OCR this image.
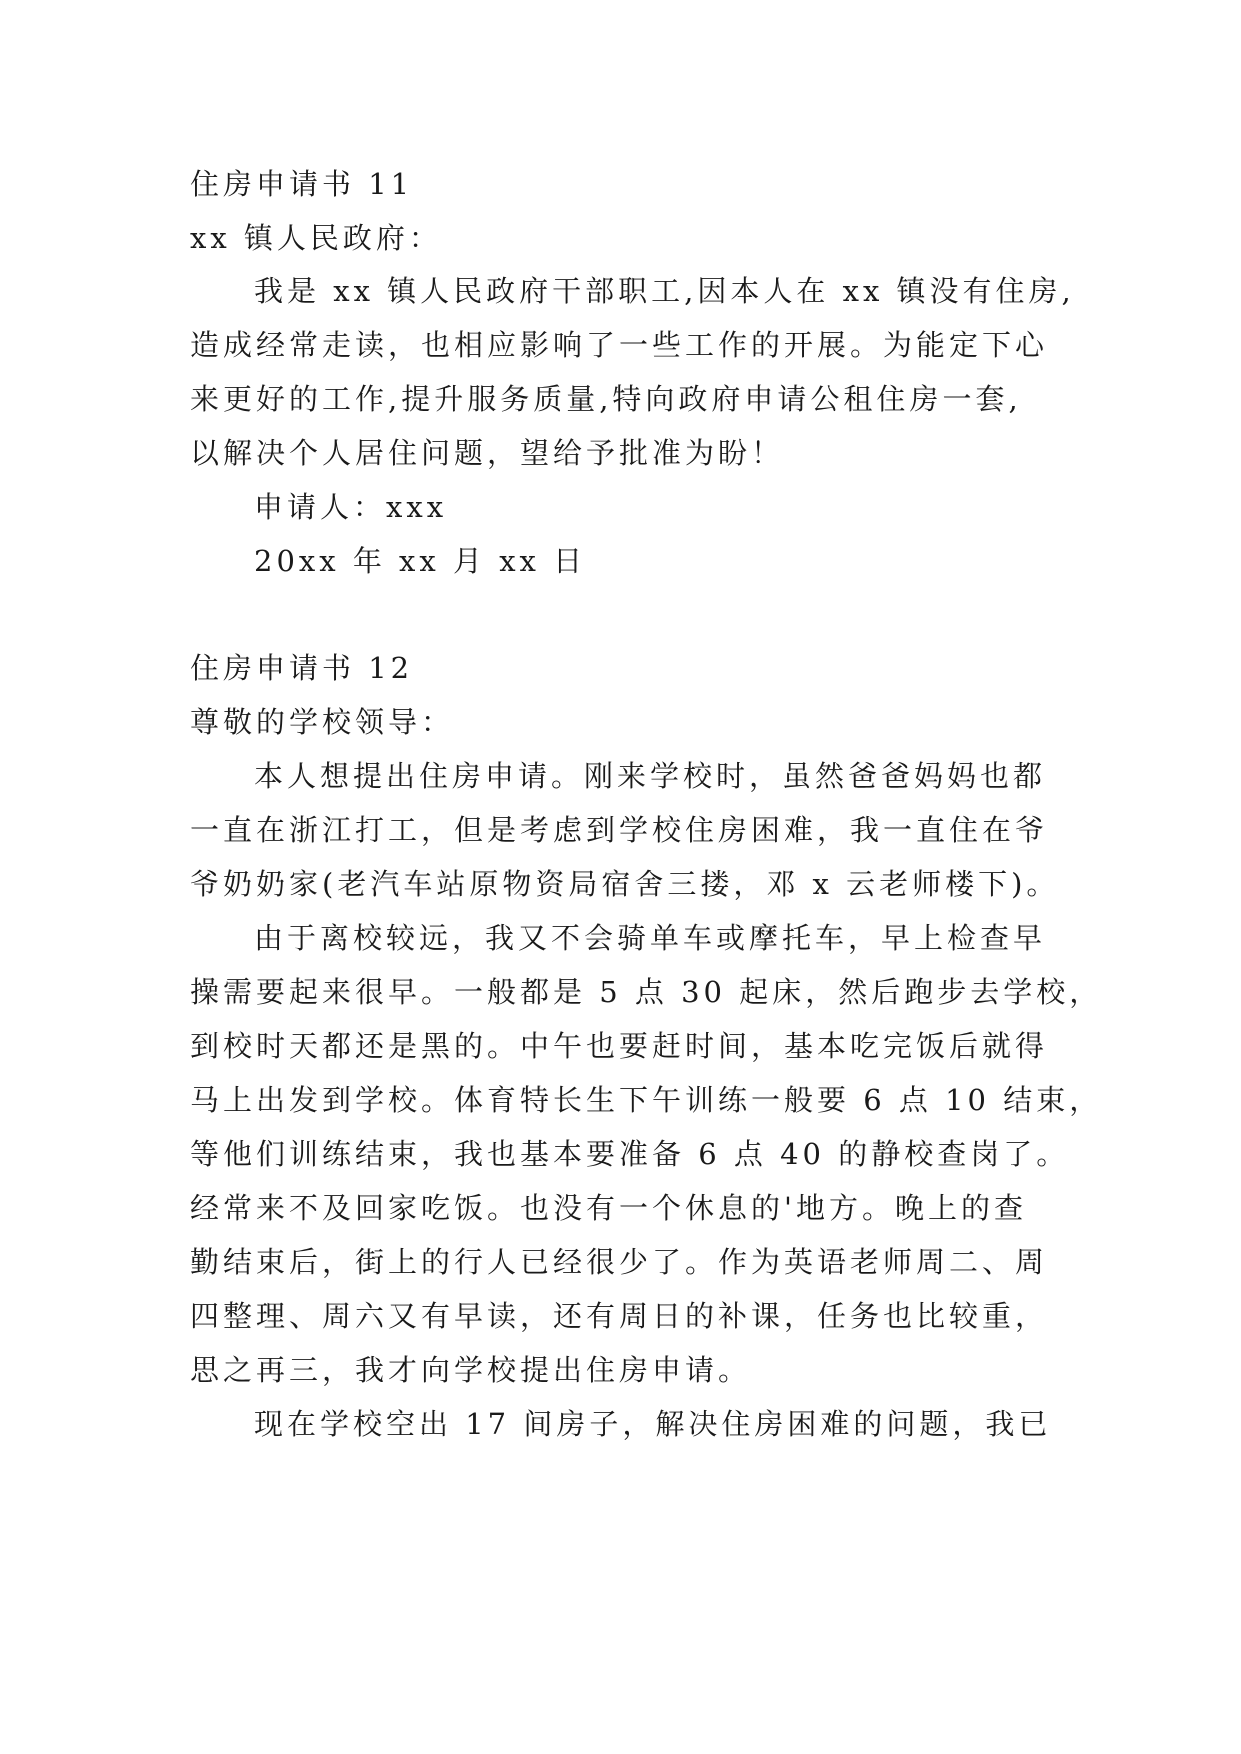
住房申请书 11
xx 镇人民政府：
我是 xx 镇人民政府干部职工,因本人在 xx 镇没有住房,
造成经常走读，也相应影响了一些工作的开展。为能定下心
来更好的工作,提升服务质量,特向政府申请公租住房一套,
以解决个人居住问题，望给予批准为盼！
申请人：xxx
20xx 年 xx 月 xx 日
住房申请书 12
尊敬的学校领导：
本人想提出住房申请。刚来学校时，虽然爸爸妈妈也都
一直在浙江打工，但是考虑到学校住房困难，我一直住在爷
爷奶奶家(老汽车站原物资局宿舍三搂，邓 x 云老师楼下)。
由于离校较远，我又不会骑单车或摩托车，早上检查早
操需要起来很早。一般都是 5 点 30 起床，然后跑步去学校，
到校时天都还是黑的。中午也要赶时间，基本吃完饭后就得
马上出发到学校。体育特长生下午训练一般要 6 点 10 结束，
等他们训练结束，我也基本要准备 6 点 40 的静校查岗了。
经常来不及回家吃饭。也没有一个休息的'地方。晚上的查
勤结束后，街上的行人已经很少了。作为英语老师周二、周
四整理、周六又有早读，还有周日的补课，任务也比较重，
思之再三，我才向学校提出住房申请。
现在学校空出 17 间房子，解决住房困难的问题，我已
